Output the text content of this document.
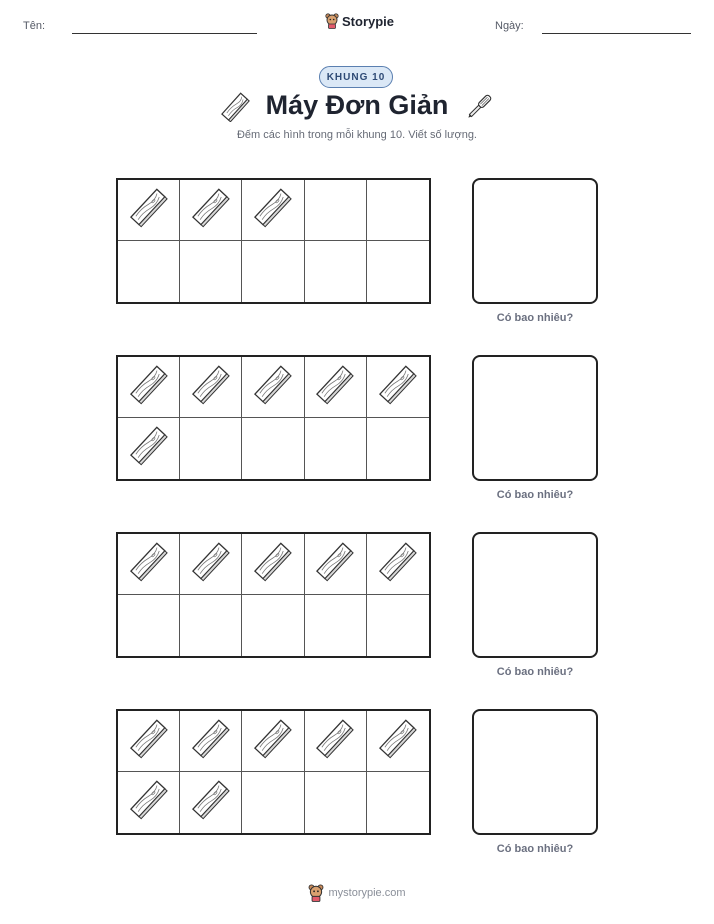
Tên:	Storypie	Ngày:
KHUNG 10
Máy Đơn Giản
Đếm các hình trong mỗi khung 10. Viết số lượng.
Có bao nhiêu?
Có bao nhiêu?
Có bao nhiêu?
Có bao nhiêu?
mystorypie.com
